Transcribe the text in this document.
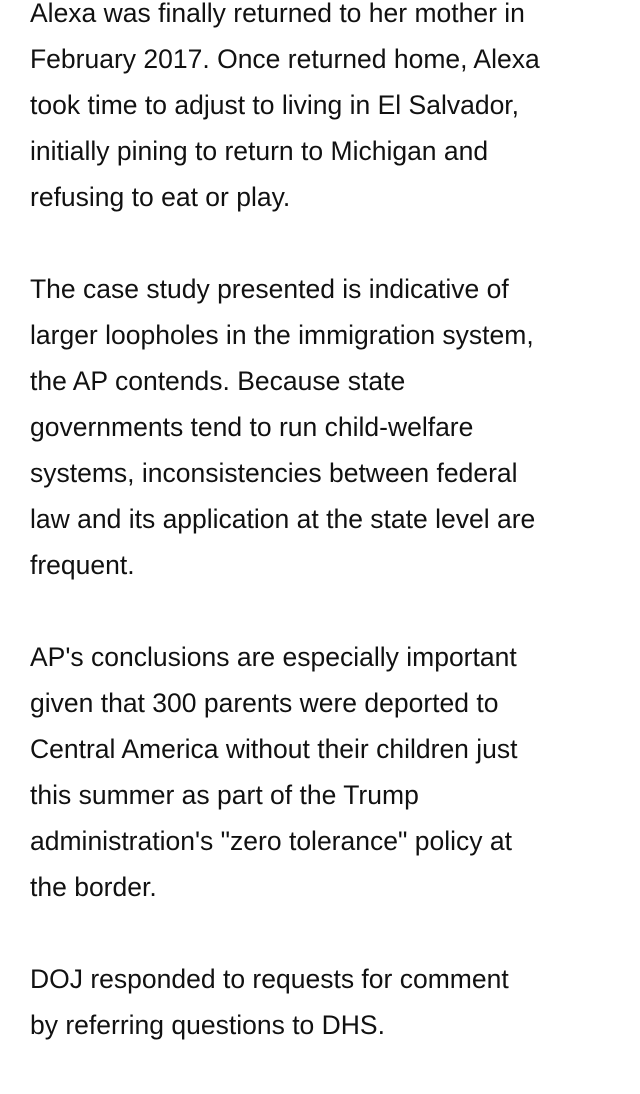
Alexa was finally returned to her mother in
February 2017. Once returned home, Alexa
took time to adjust to living in El Salvador,
initially pining to return to Michigan and
refusing to eat or play.

The case study presented is indicative of
larger loopholes in the immigration system,
the AP contends. Because state
governments tend to run child-welfare
systems, inconsistencies between federal
law and its application at the state level are
frequent.

AP's conclusions are especially important
given that 300 parents were deported to
Central America without their children just
this summer as part of the Trump
administration's "zero tolerance" policy at
the border.

DOJ responded to requests for comment
by referring questions to DHS.
